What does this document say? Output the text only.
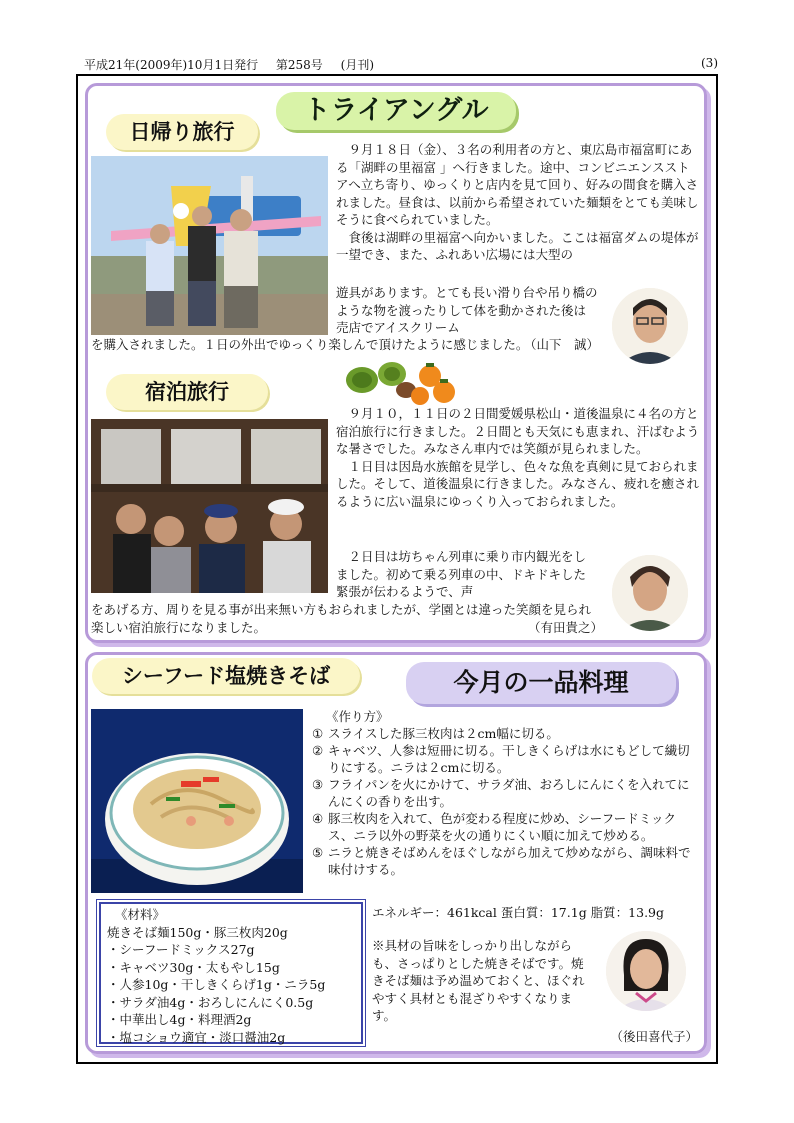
平成21年(2009年)10月1日発行 第258号 (月刊)	(3)
トライアングル
日帰り旅行

９月１８日（金）、３名の利用者の方と、東広島市福富町にある「湖畔の里福富 」へ行きました。途中、コンビニエンスストアへ立ち寄り、ゆっくりと店内を見て回り、好みの間食を購入されました。昼食は、以前から希望されていた麺類をとても美味しそうに食べられていました。

食後は湖畔の里福富へ向かいました。ここは福富ダムの堤体が一望でき、また、ふれあい広場には大型の

遊具があります。とても長い滑り台や吊り橋のような物を渡ったりして体を動かされた後は売店でアイスクリーム

を購入されました。１日の外出でゆっくり楽しんで頂けたように感じました。

（山下　誠）

宿泊旅行

９月１０，１１日の２日間愛媛県松山・道後温泉に４名の方と宿泊旅行に行きました。２日間とも天気にも恵まれ、汗ばむような暑さでした。みなさん車内では笑顔が見られました。

１日目は因島水族館を見学し、色々な魚を真剣に見ておられました。そして、道後温泉に行きました。みなさん、疲れを癒されるように広い温泉にゆっくり入っておられました。

２日目は坊ちゃん列車に乗り市内観光をしました。初めて乗る列車の中、ドキドキした緊張が伝わるようで、声

をあげる方、周りを見る事が出来無い方もおられましたが、学園とは違った笑顔を見られ楽しい宿泊旅行になりました。	（有田貴之）

シーフード塩焼きそば	今月の一品料理
《作り方》
① スライスした豚三枚肉は２cm幅に切る。
② キャベツ、人参は短冊に切る。干しきくらげは水にもどして繊切りにする。ニラは２cmに切る。
③ フライパンを火にかけて、サラダ油、おろしにんにくを入れてにんにくの香りを出す。
④ 豚三枚肉を入れて、色が変わる程度に炒め、シーフードミックス、ニラ以外の野菜を火の通りにくい順に加えて炒める。
⑤ ニラと焼きそばめんをほぐしながら加えて炒めながら、調味料で味付けする。
エネルギー：461kcal 蛋白質：17.1g 脂質：13.9g
《材料》
焼きそば麺150g・豚三枚肉20g
・シーフードミックス27g
・キャベツ30g・太もやし15g
・人参10g・干しきくらげ1g・ニラ5g
・サラダ油4g・おろしにんにく0.5g
・中華出し4g・料理酒2g
・塩コショウ適宜・淡口醤油2g
※具材の旨味をしっかり出しながらも、さっぱりとした焼きそばです。焼きそば麺は予め温めておくと、ほぐれやすく具材とも混ざりやすくなります。
（後田喜代子）
